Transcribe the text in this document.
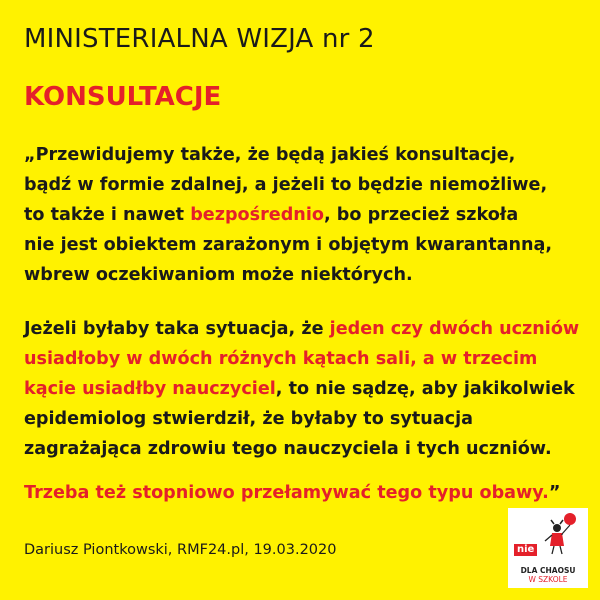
MINISTERIALNA WIZJA nr 2
KONSULTACJE
„Przewidujemy także, że będą jakieś konsultacje,
bądź w formie zdalnej, a jeżeli to będzie niemożliwe,
to także i nawet bezpośrednio, bo przecież szkoła
nie jest obiektem zarażonym i objętym kwarantanną,
wbrew oczekiwaniom może niektórych.
Jeżeli byłaby taka sytuacja, że jeden czy dwóch uczniów
usiadłoby w dwóch różnych kątach sali, a w trzecim
kącie usiadłby nauczyciel, to nie sądzę, aby jakikolwiek
epidemiolog stwierdził, że byłaby to sytuacja
zagrażająca zdrowiu tego nauczyciela i tych uczniów.
Trzeba też stopniowo przełamywać tego typu obawy.”
Dariusz Piontkowski, RMF24.pl, 19.03.2020	nie
DLA CHAOSU
W SZKOLE
